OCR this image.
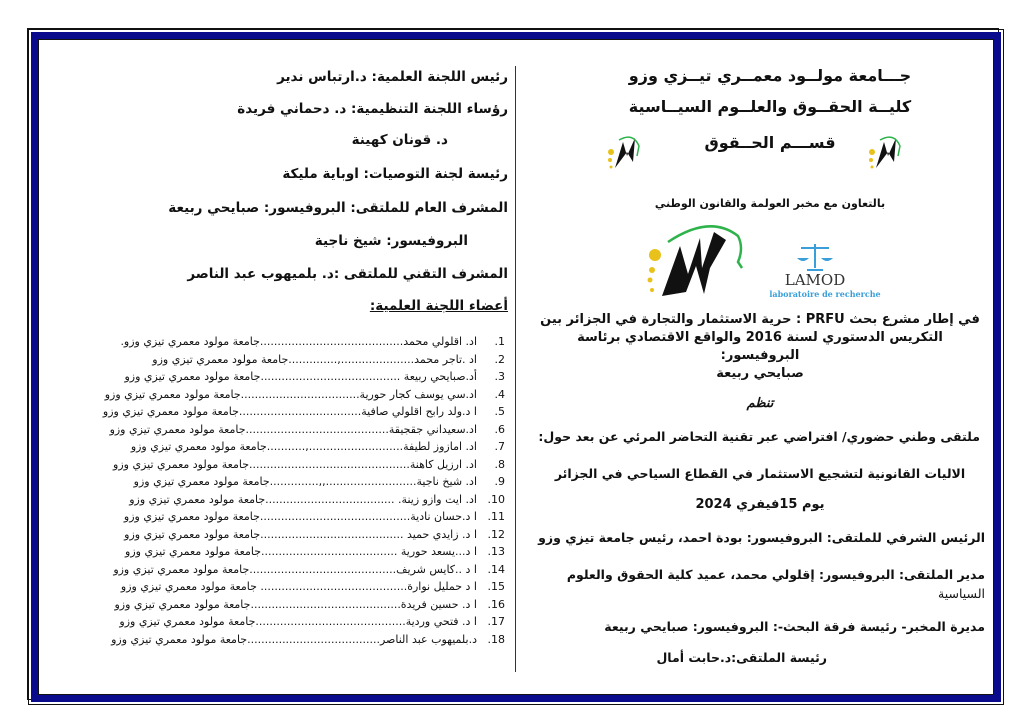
جـــامعة مولــود معمــري تيــزي وزو
كليــة الحقــوق والعلــوم السيــاسية
قســـم الحــقوق
بالتعاون مع مخبر العولمة والقانون الوطني
LAMOD
laboratoire de recherche
في إطار مشرع بحث PRFU : حرية الاستثمار والتجارة في الجزائر بين
التكريس الدستوري لسنة 2016 والواقع الاقتصادي برئاسة البروفيسور:
صبايحي ربيعة
تنظم
ملتقى وطني حضوري/ افتراضي عبر تقنية التحاضر المرئي عن بعد حول:
الاليات القانونية لتشجيع الاستثمار في القطاع السياحي في الجزائر
يوم 15فيفري 2024
الرئيس الشرفي للملتقى: البروفيسور: بودة احمد، رئيس جامعة تيزي وزو
مدير الملتقى: البروفيسور: إقلولي محمد، عميد كلية الحقوق والعلوم
السياسية
مديرة المخبر- رئيسة فرقة البحث-: البروفيسور: صبايحي ربيعة
رئيسة الملتقى:د.حابت أمال
رئيس اللجنة العلمية: د.ارتباس ندير
رؤساء اللجنة التنظيمية: د. دحماني فريدة
د. قونان كهينة
رئيسة لجنة التوصيات: اوباية مليكة
المشرف العام للملتقى: البروفيسور: صبايحي ربيعة
البروفيسور: شيخ ناجية
المشرف التقني للملتقى :د. بلميهوب عبد الناصر
أعضاء اللجنة العلمية:
1.
اد. اقلولي محمد.........................................جامعة مولود معمري تيزي وزو.
2.
اد .تاجر محمد.....................,..............جامعة مولود معمري تيزي وزو
3.
أد.صبايحي ربيعة ........................................جامعة مولود معمري تيزي وزو
4.
اد.سي يوسف كجار حورية..................................جامعة مولود معمري تيزي وزو
5.
ا د.ولد رابح اقلولي صافية...................................جامعة مولود معمري تيزي وزو
6.
اد.سعيداني جقجيقة.........................................جامعة مولود معمري تيزي وزو
7.
اد. امازوز لطيفة...........................,...........جامعة مولود معمري تيزي وزو
8.
اد. ارزيل كاهنة..............................................جامعة مولود معمري تيزي وزو
9.
اد. شيخ ناجية..........................,,..............جامعة مولود معمري تيزي وزو
10.
اد. ايت وازو زينة. .....................................جامعة مولود معمري تيزي وزو
11.
ا د.حسان نادية...........................................جامعة مولود معمري تيزي وزو
12.
ا د. زايدي حميد .........................................جامعة مولود معمري تيزي وزو
13.
ا د...يسعد حورية .......................................جامعة مولود معمري تيزي وزو
14.
ا د ..كايس شريف..........................................جامعة مولود معمري تيزي وزو
15.
ا د حمليل نوارة.......................................... جامعة مولود معمري تيزي وزو
16.
ا د. حسين فريدة...........................................جامعة مولود معمري تيزي وزو
17.
ا د. فتحي وردية...........................................جامعة مولود معمري تيزي وزو
18.
د.بلميهوب عبد الناصر......................................جامعة مولود معمري تيزي وزو
